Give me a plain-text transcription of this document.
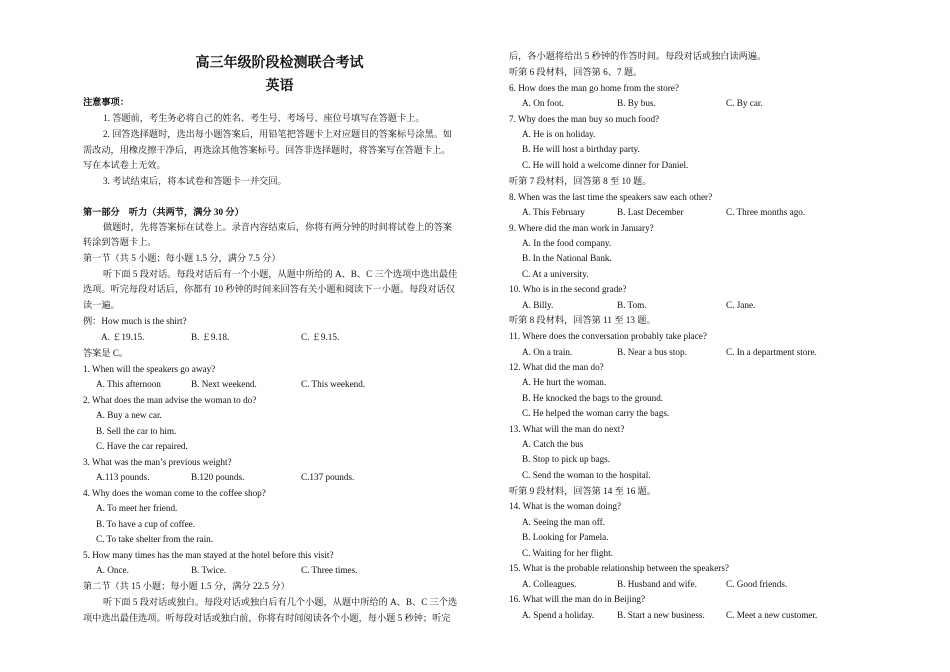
高三年级阶段检测联合考试
英语
注意事项：
1. 答题前，考生务必将自己的姓名、考生号、考场号、座位号填写在答题卡上。
2. 回答选择题时，选出每小题答案后，用铅笔把答题卡上对应题目的答案标号涂黑。如
需改动，用橡皮擦干净后，再选涂其他答案标号。回答非选择题时，将答案写在答题卡上。
写在本试卷上无效。
3. 考试结束后，将本试卷和答题卡一并交回。
第一部分　听力（共两节，满分 30 分）
做题时，先将答案标在试卷上。录音内容结束后，你将有两分钟的时间将试卷上的答案
转涂到答题卡上。
第一节（共 5 小题；每小题 1.5 分，满分 7.5 分）
听下面 5 段对话。每段对话后有一个小题，从题中所给的 A、B、C 三个选项中选出最佳
选项。听完每段对话后，你都有 10 秒钟的时间来回答有关小题和阅读下一小题。每段对话仅
读一遍。
例：How much is the shirt?
A. ￡19.15.	B. ￡9.18.	C. ￡9.15.
答案是 C。
1. When will the speakers go away?
A. This afternoon	B. Next weekend.	C. This weekend.
2. What does the man advise the woman to do?
A. Buy a new car.
B. Sell the car to him.
C. Have the car repaired.
3. What was the man’s previous weight?
A.113 pounds.	B.120 pounds.	C.137 pounds.
4. Why does the woman come to the coffee shop?
A. To meet her friend.
B. To have a cup of coffee.
C. To take shelter from the rain.
5. How many times has the man stayed at the hotel before this visit?
A. Once.	B. Twice.	C. Three times.
第二节（共 15 小题；每小题 1.5 分，满分 22.5 分）
听下面 5 段对话或独白。每段对话或独白后有几个小题，从题中所给的 A、B、C 三个选
项中选出最佳选项。听每段对话或独白前，你将有时间阅读各个小题，每小题 5 秒钟；听完
后，各小题将给出 5 秒钟的作答时间。每段对话或独白读两遍。
听第 6 段材料，回答第 6、7 题。
6. How does the man go home from the store?
A. On foot.	B. By bus.	C. By car.
7. Why does the man buy so much food?
A. He is on holiday.
B. He will host a birthday party.
C. He will hold a welcome dinner for Daniel.
听第 7 段材料，回答第 8 至 10 题。
8. When was the last time the speakers saw each other?
A. This February	B. Last December	C. Three months ago.
9. Where did the man work in January?
A. In the food company.
B. In the National Bank.
C. At a university.
10. Who is in the second grade?
A. Billy.	B. Tom.	C. Jane.
听第 8 段材料，回答第 11 至 13 题。
11. Where does the conversation probably take place?
A. On a train.	B. Near a bus stop.	C. In a department store.
12. What did the man do?
A. He hurt the woman.
B. He knocked the bags to the ground.
C. He helped the woman carry the bags.
13. What will the man do next?
A. Catch the bus
B. Stop to pick up bags.
C. Send the woman to the hospital.
听第 9 段材料，回答第 14 至 16 题。
14. What is the woman doing?
A. Seeing the man off.
B. Looking for Pamela.
C. Waiting for her flight.
15. What is the probable relationship between the speakers?
A. Colleagues.	B. Husband and wife.	C. Good friends.
16. What will the man do in Beijing?
A. Spend a holiday. B. Start a new business. C. Meet a new customer.
